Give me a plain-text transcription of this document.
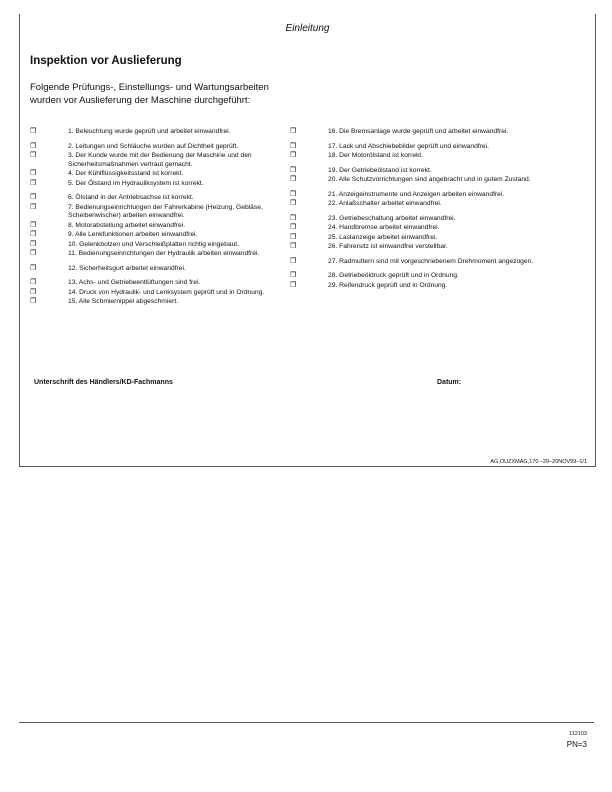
Einleitung
Inspektion vor Auslieferung
Folgende Prüfungs-, Einstellungs- und Wartungsarbeiten wurden vor Auslieferung der Maschine durchgeführt:
❐	1. Beleuchtung wurde geprüft und arbeitet einwandfrei.
❐	2. Leitungen und Schläuche wurden auf Dichtheit geprüft.
❐	3. Der Kunde wurde mit der Bedienung der Maschine und den Sicherheitsmaßnahmen vertraut gemacht.
❐	4. Der Kühlflüssigkeitsstand ist korrekt.
❐	5. Der Ölstand im Hydrauliksystem ist korrekt.
❐	6. Ölstand in der Antriebsachse ist korrekt.
❐	7. Bedienungseinrichtungen der Fahrerkabine (Heizung, Gebläse, Scheibenwischer) arbeiten einwandfrei.
❐	8. Motorabstellung arbeitet einwandfrei.
❐	9. Alle Lenkfunktionen arbeiten einwandfrei.
❐	10. Gelenkbolzen und Verschleißplatten richtig eingebaut.
❐	11. Bedienungseinrichtungen der Hydraulik arbeiten einwandfrei.
❐	12. Sicherheitsgurt arbeitet einwandfrei.
❐	13. Achs- und Getriebeentlüftungen sind frei.
❐	14. Druck von Hydraulik- und Lenksystem geprüft und in Ordnung.
❐	15. Alle Schmiernippel abgeschmiert.
❐	16. Die Bremsanlage wurde geprüft und arbeitet einwandfrei.
❐	17. Lack und Abschiebebilder geprüft und einwandfrei.
❐	18. Der Motorölstand ist korrekt.
❐	19. Der Getriebeölstand ist korrekt.
❐	20. Alle Schutzvorrichtungen sind angebracht und in gutem Zustand.
❐	21. Anzeigeinstrumente und Anzeigen arbeiten einwandfrei.
❐	22. Anlaßschalter arbeitet einwandfrei.
❐	23. Getriebeschaltung arbeitet einwandfrei.
❐	24. Handbremse arbeitet einwandfrei.
❐	25. Lastanzeige arbeitet einwandfrei.
❐	26. Fahrersitz ist einwandfrei verstellbar.
❐	27. Radmuttern sind mit vorgeschriebenem Drehmoment angezogen.
❐	28. Getriebeöldruck geprüft und in Ordnung.
❐	29. Reifendruck geprüft und in Ordnung.
Unterschrift des Händlers/KD-Fachmanns	Datum:
AG,OUZXMAG,170 –29–20NOV99–1/1
112103
PN=3
